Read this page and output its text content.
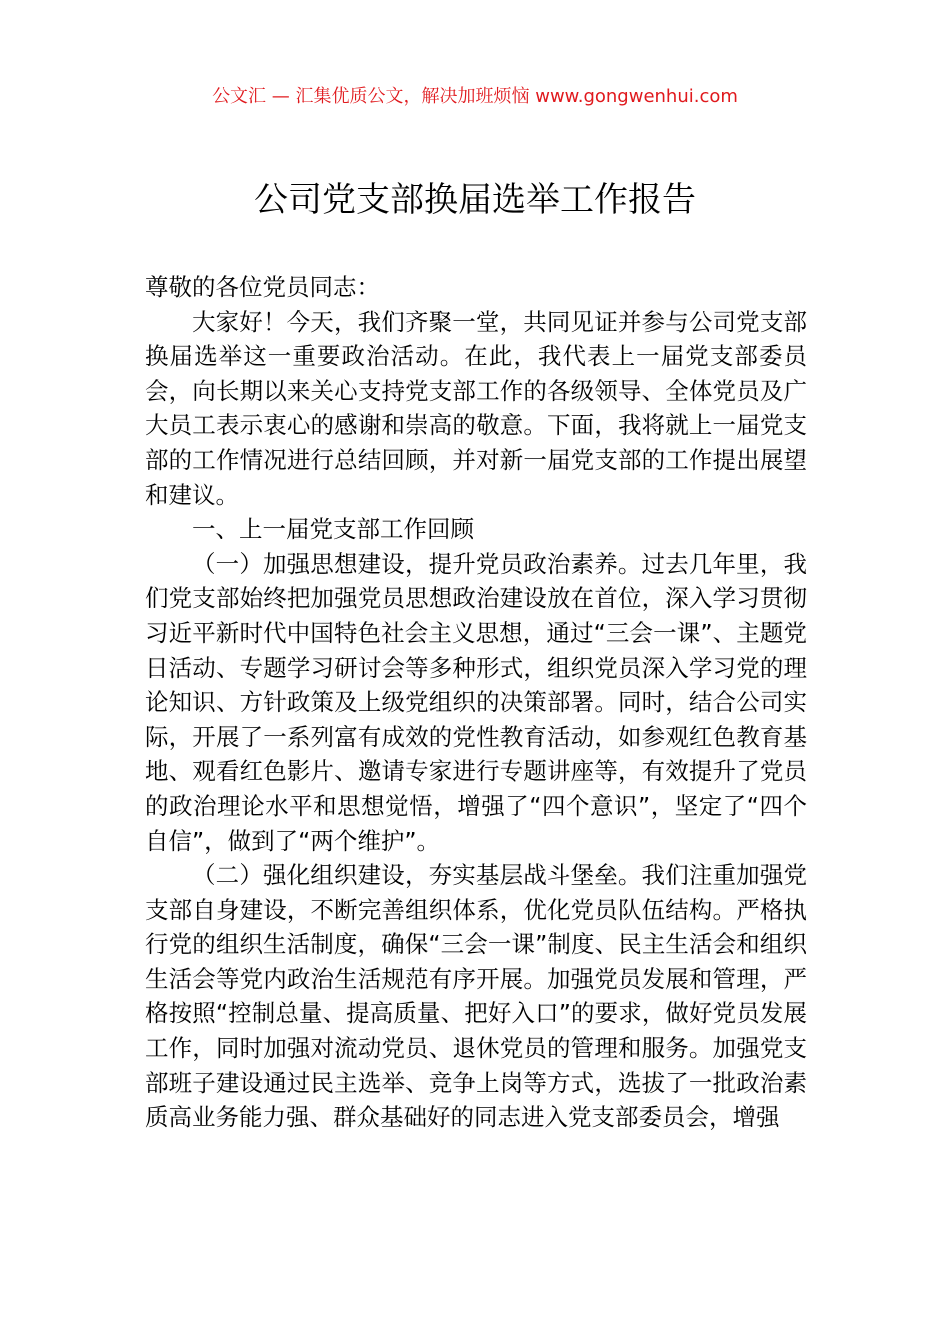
公文汇 — 汇集优质公文，解决加班烦恼 www.gongwenhui.com
公司党支部换届选举工作报告

尊敬的各位党员同志：

大家好！今天，我们齐聚一堂，共同见证并参与公司党支部换届选举这一重要政治活动。在此，我代表上一届党支部委员会，向长期以来关心支持党支部工作的各级领导、全体党员及广大员工表示衷心的感谢和崇高的敬意。下面，我将就上一届党支部的工作情况进行总结回顾，并对新一届党支部的工作提出展望和建议。

一、上一届党支部工作回顾

（一）加强思想建设，提升党员政治素养。过去几年里，我们党支部始终把加强党员思想政治建设放在首位，深入学习贯彻习近平新时代中国特色社会主义思想，通过“三会一课”、主题党日活动、专题学习研讨会等多种形式，组织党员深入学习党的理论知识、方针政策及上级党组织的决策部署。同时，结合公司实际，开展了一系列富有成效的党性教育活动，如参观红色教育基地、观看红色影片、邀请专家进行专题讲座等，有效提升了党员的政治理论水平和思想觉悟，增强了“四个意识”，坚定了“四个自信”，做到了“两个维护”。

（二）强化组织建设，夯实基层战斗堡垒。我们注重加强党支部自身建设，不断完善组织体系，优化党员队伍结构。严格执行党的组织生活制度，确保“三会一课”制度、民主生活会和组织生活会等党内政治生活规范有序开展。加强党员发展和管理，严格按照“控制总量、提高质量、把好入口”的要求，做好党员发展工作，同时加强对流动党员、退休党员的管理和服务。加强党支部班子建设通过民主选举、竞争上岗等方式，选拔了一批政治素质高业务能力强、群众基础好的同志进入党支部委员会，增强
